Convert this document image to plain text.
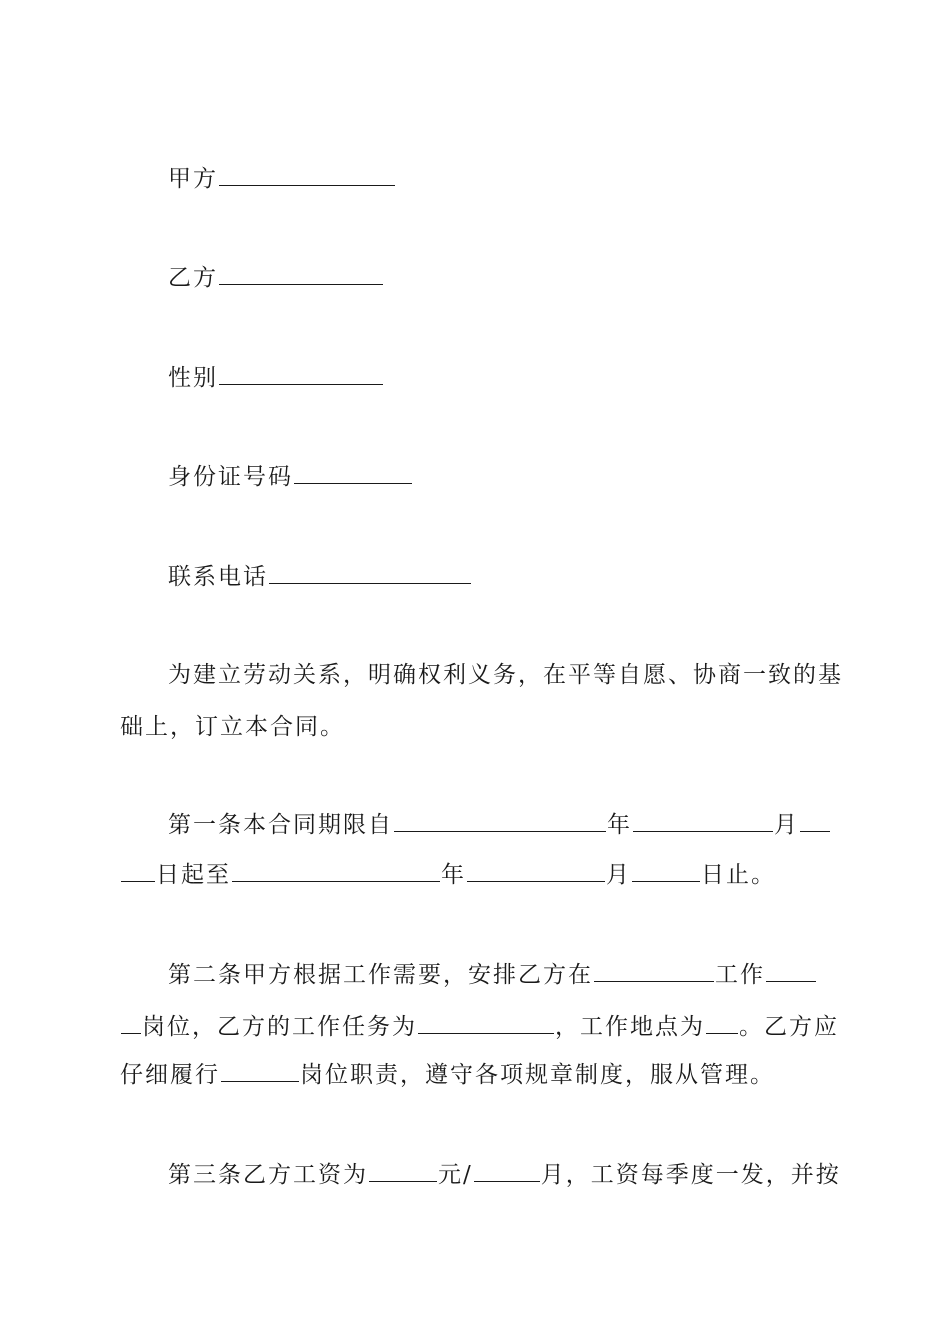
甲方
乙方
性别
身份证号码
联系电话
为建立劳动关系，明确权利义务，在平等自愿、协商一致的基
础上，订立本合同。
第一条本合同期限自	年	月
日起至	年	月	日止。
第二条甲方根据工作需要，安排乙方在	工作
岗位，乙方的工作任务为	，工作地点为 。乙方应
仔细履行	岗位职责，遵守各项规章制度，服从管理。
第三条乙方工资为	元/	月，工资每季度一发，并按
